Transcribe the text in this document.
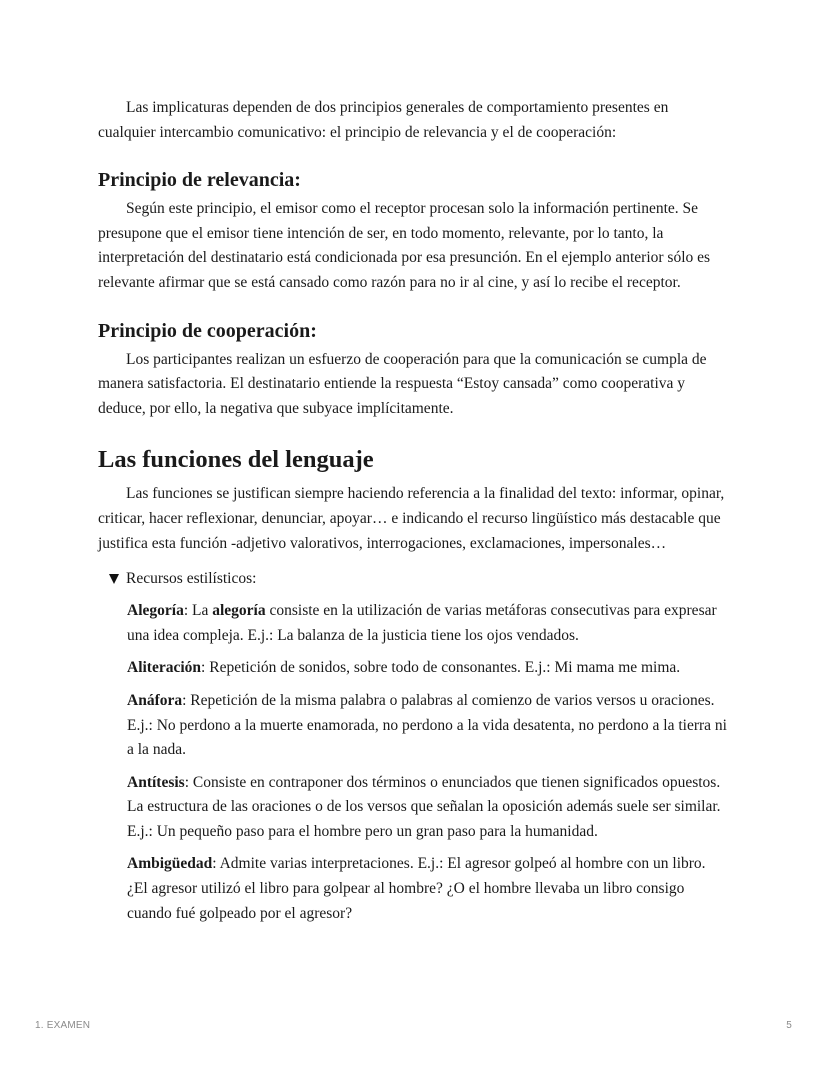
Las implicaturas dependen de dos principios generales de comportamiento presentes en cualquier intercambio comunicativo: el principio de relevancia y el de cooperación:

Principio de relevancia:

Según este principio, el emisor como el receptor procesan solo la información pertinente. Se presupone que el emisor tiene intención de ser, en todo momento, relevante, por lo tanto, la interpretación del destinatario está condicionada por esa presunción. En el ejemplo anterior sólo es relevante afirmar que se está cansado como razón para no ir al cine, y así lo recibe el receptor.

Principio de cooperación:

Los participantes realizan un esfuerzo de cooperación para que la comunicación se cumpla de manera satisfactoria. El destinatario entiende la respuesta “Estoy cansada” como cooperativa y deduce, por ello, la negativa que subyace implícitamente.

Las funciones del lenguaje

Las funciones se justifican siempre haciendo referencia a la finalidad del texto: informar, opinar, criticar, hacer reflexionar, denunciar, apoyar… e indicando el recurso lingüístico más destacable que justifica esta función -adjetivo valorativos, interrogaciones, exclamaciones, impersonales…

Recursos estilísticos:

Alegoría: La alegoría consiste en la utilización de varias metáforas consecutivas para expresar una idea compleja. E.j.: La balanza de la justicia tiene los ojos vendados.

Aliteración: Repetición de sonidos, sobre todo de consonantes. E.j.: Mi mama me mima.

Anáfora: Repetición de la misma palabra o palabras al comienzo de varios versos u oraciones. E.j.: No perdono a la muerte enamorada, no perdono a la vida desatenta, no perdono a la tierra ni a la nada.

Antítesis: Consiste en contraponer dos términos o enunciados que tienen significados opuestos. La estructura de las oraciones o de los versos que señalan la oposición además suele ser similar. E.j.: Un pequeño paso para el hombre pero un gran paso para la humanidad.

Ambigüedad: Admite varias interpretaciones. E.j.: El agresor golpeó al hombre con un libro. ¿El agresor utilizó el libro para golpear al hombre? ¿O el hombre llevaba un libro consigo cuando fué golpeado por el agresor?

1. EXAMEN	5
